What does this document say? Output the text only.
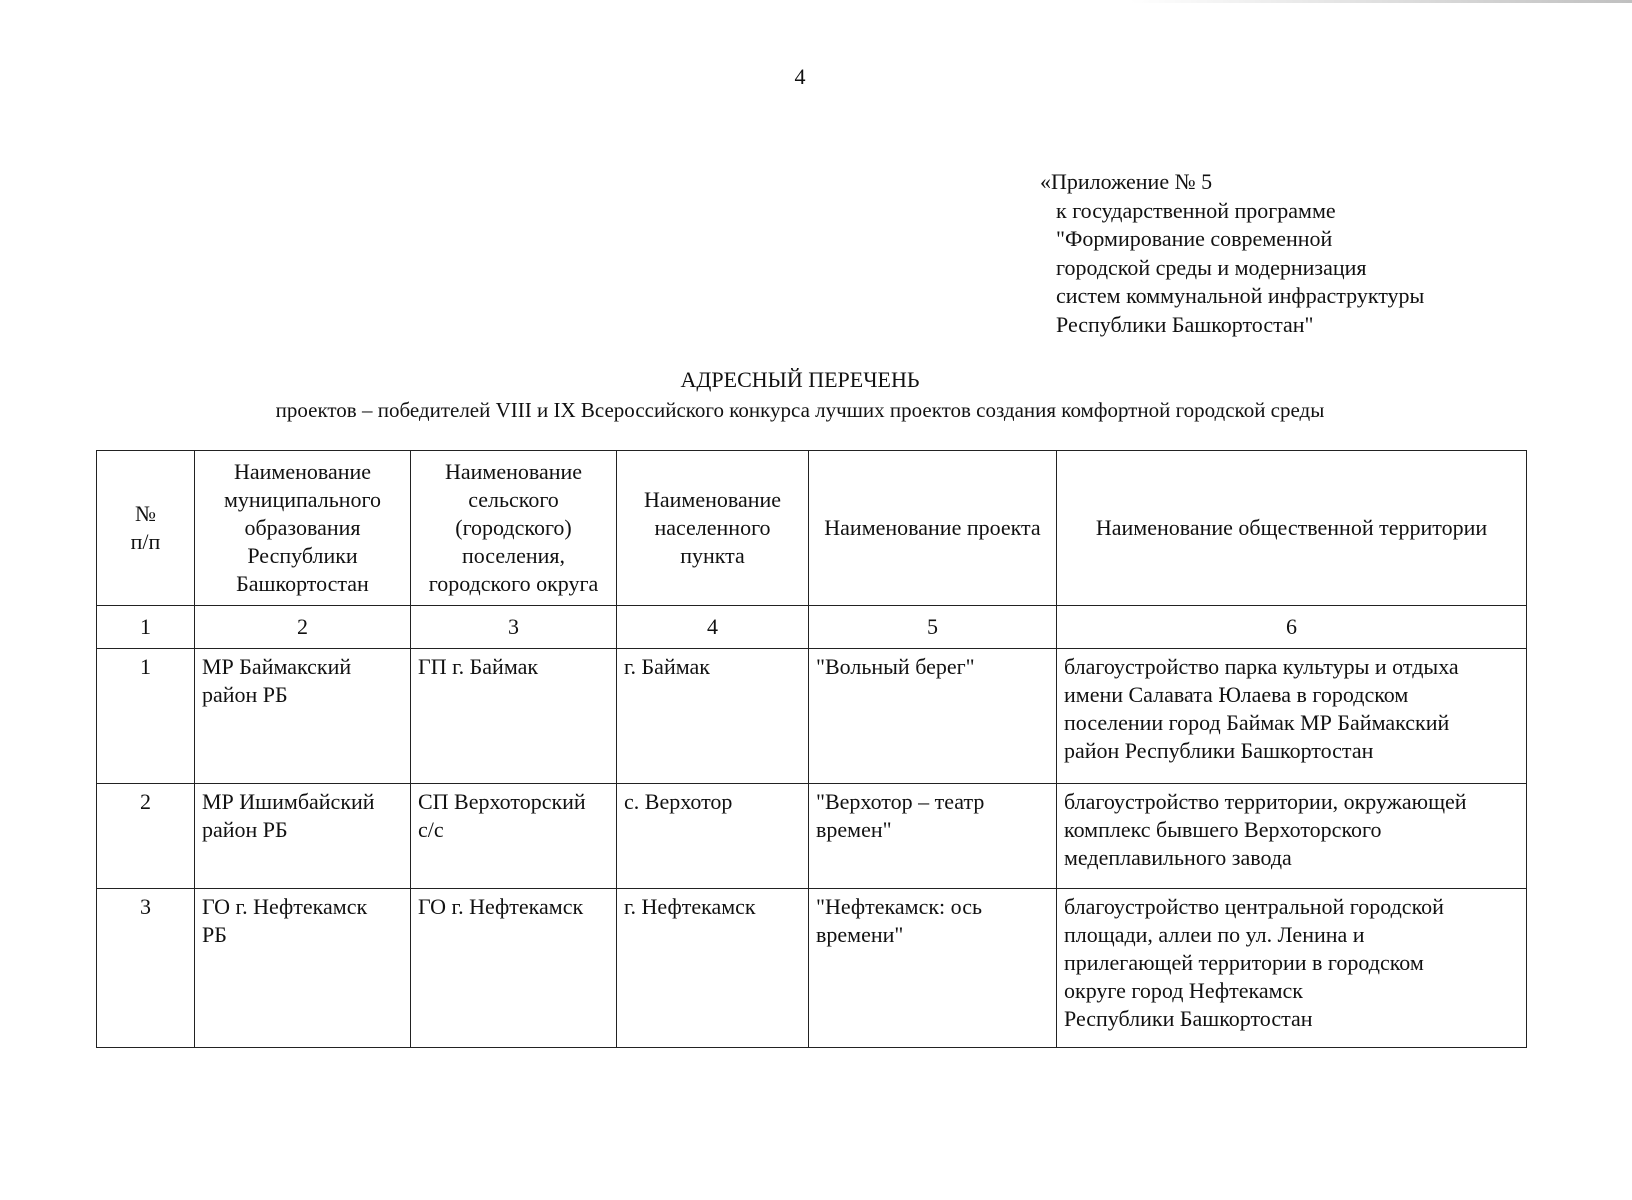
4
«Приложение № 5
к государственной программе
"Формирование современной
городской среды и модернизация
систем коммунальной инфраструктуры
Республики Башкортостан"
АДРЕСНЫЙ ПЕРЕЧЕНЬ
проектов – победителей VIII и IX Всероссийского конкурса лучших проектов создания комфортной городской среды
№
п/п	Наименование
муниципального
образования
Республики
Башкортостан	Наименование
сельского
(городского)
поселения,
городского округа	Наименование
населенного
пункта	Наименование проекта	Наименование общественной территории
1	2	3	4	5	6
1	МР Баймакский
район РБ	ГП г. Баймак	г. Баймак	"Вольный берег"	благоустройство парка культуры и отдыха
имени Салавата Юлаева в городском
поселении город Баймак МР Баймакский
район Республики Башкортостан
2	МР Ишимбайский
район РБ	СП Верхоторский
с/с	с. Верхотор	"Верхотор – театр
времен"	благоустройство территории, окружающей
комплекс бывшего Верхоторского
медеплавильного завода
3	ГО г. Нефтекамск
РБ	ГО г. Нефтекамск	г. Нефтекамск	"Нефтекамск: ось
времени"	благоустройство центральной городской
площади, аллеи по ул. Ленина и
прилегающей территории в городском
округе город Нефтекамск
Республики Башкортостан
